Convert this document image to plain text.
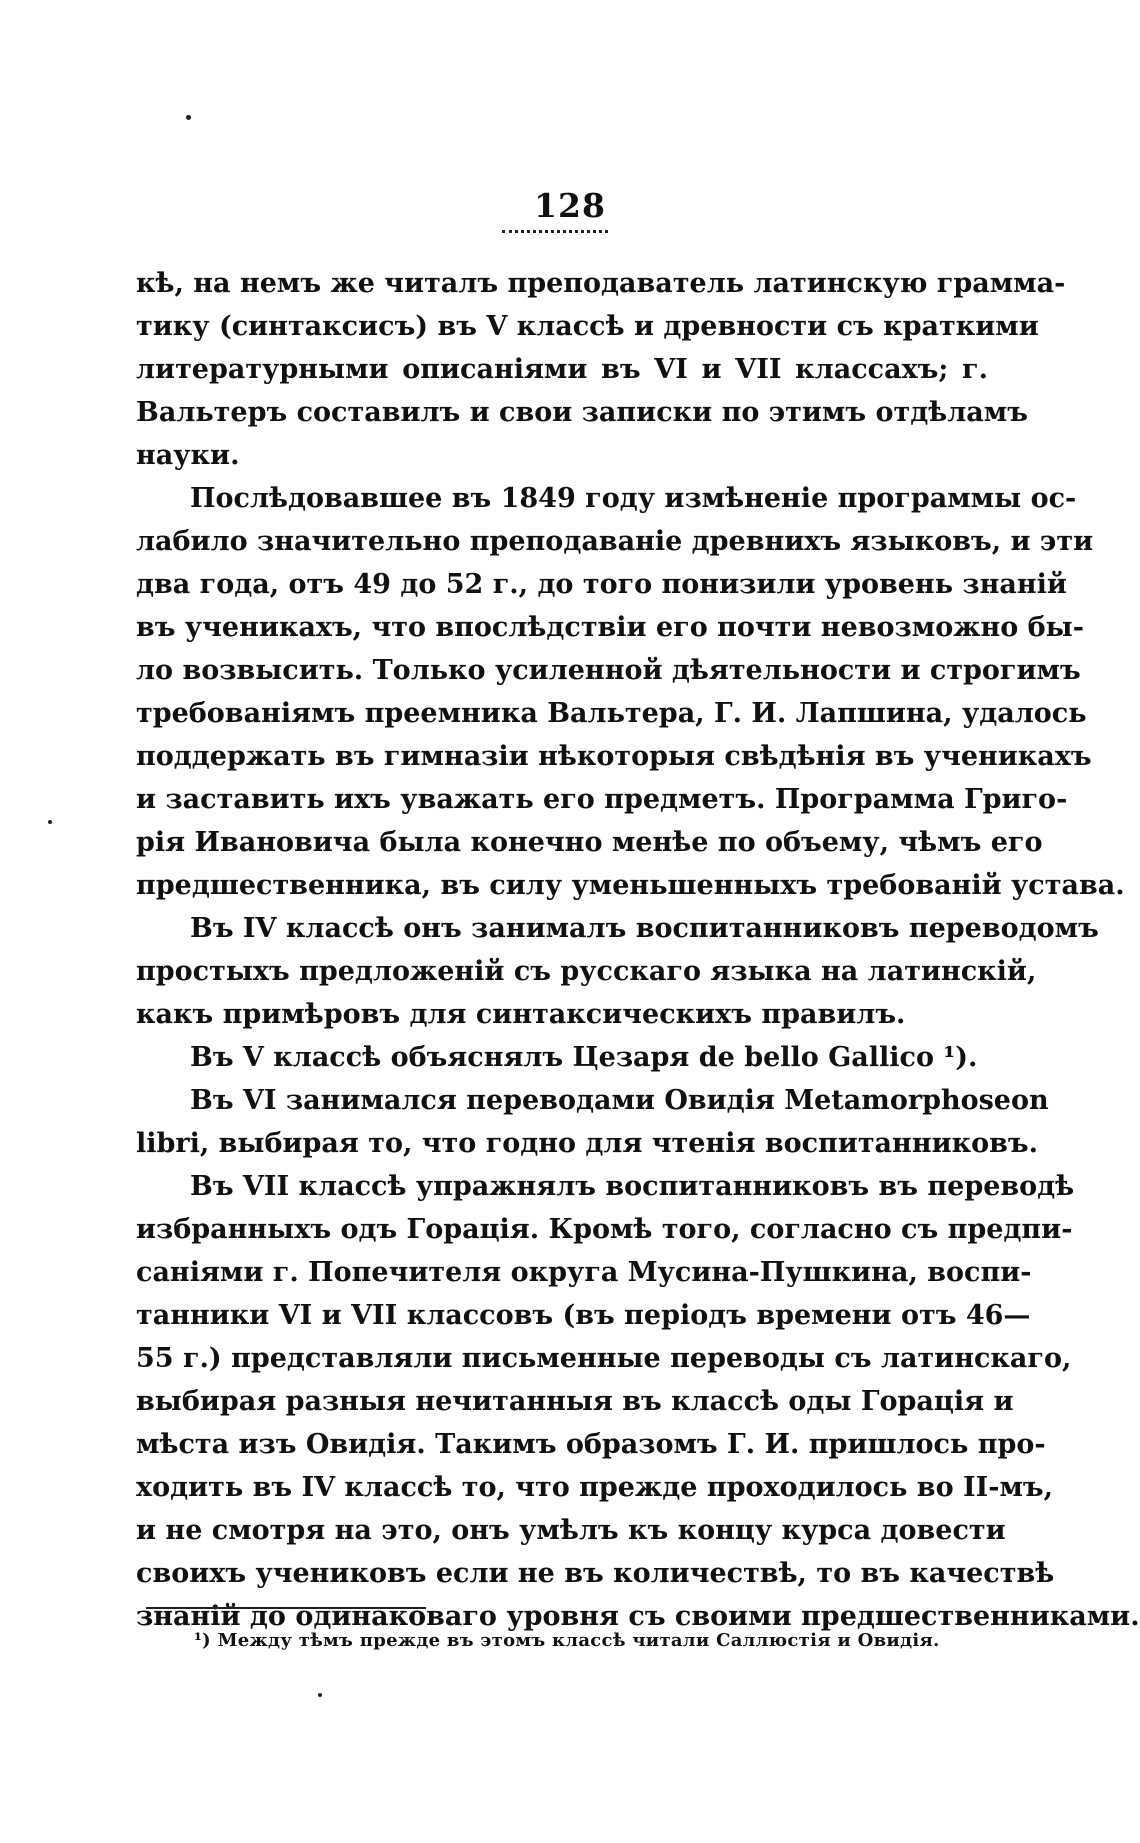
128
кѣ, на немъ же читалъ преподаватель латинскую грамма-
тику (синтаксисъ) въ V классѣ и древности съ краткими
литературными описаніями въ VI и VII классахъ; г.
Вальтеръ составилъ и свои записки по этимъ отдѣламъ
науки.
Послѣдовавшее въ 1849 году измѣненіе программы ос-
лабило значительно преподаваніе древнихъ языковъ, и эти
два года, отъ 49 до 52 г., до того понизили уровень знаній
въ ученикахъ, что впослѣдствіи его почти невозможно бы-
ло возвысить. Только усиленной дѣятельности и строгимъ
требованіямъ преемника Вальтера, Г. И. Лапшина, удалось
поддержать въ гимназіи нѣкоторыя свѣдѣнія въ ученикахъ
и заставить ихъ уважать его предметъ. Программа Григо-
рія Ивановича была конечно менѣе по объему, чѣмъ его
предшественника, въ силу уменьшенныхъ требованій устава.
Въ IV классѣ онъ занималъ воспитанниковъ переводомъ
простыхъ предложеній съ русскаго языка на латинскій,
какъ примѣровъ для синтаксическихъ правилъ.
Въ V классѣ объяснялъ Цезаря de bello Gallico ¹).
Въ VI занимался переводами Овидія Metamorphoseon
libri, выбирая то, что годно для чтенія воспитанниковъ.
Въ VII классѣ упражнялъ воспитанниковъ въ переводѣ
избранныхъ одъ Горація. Кромѣ того, согласно съ предпи-
саніями г. Попечителя округа Мусина-Пушкина, воспи-
танники VI и VII классовъ (въ періодъ времени отъ 46—
55 г.) представляли письменные переводы съ латинскаго,
выбирая разныя нечитанныя въ классѣ оды Горація и
мѣста изъ Овидія. Такимъ образомъ Г. И. пришлось про-
ходить въ IV классѣ то, что прежде проходилось во II-мъ,
и не смотря на это, онъ умѣлъ къ концу курса довести
своихъ учениковъ если не въ количествѣ, то въ качествѣ
знаній до одинаковаго уровня съ своими предшественниками.
¹) Между тѣмъ прежде въ этомъ классѣ читали Саллюстія и Овидія.
